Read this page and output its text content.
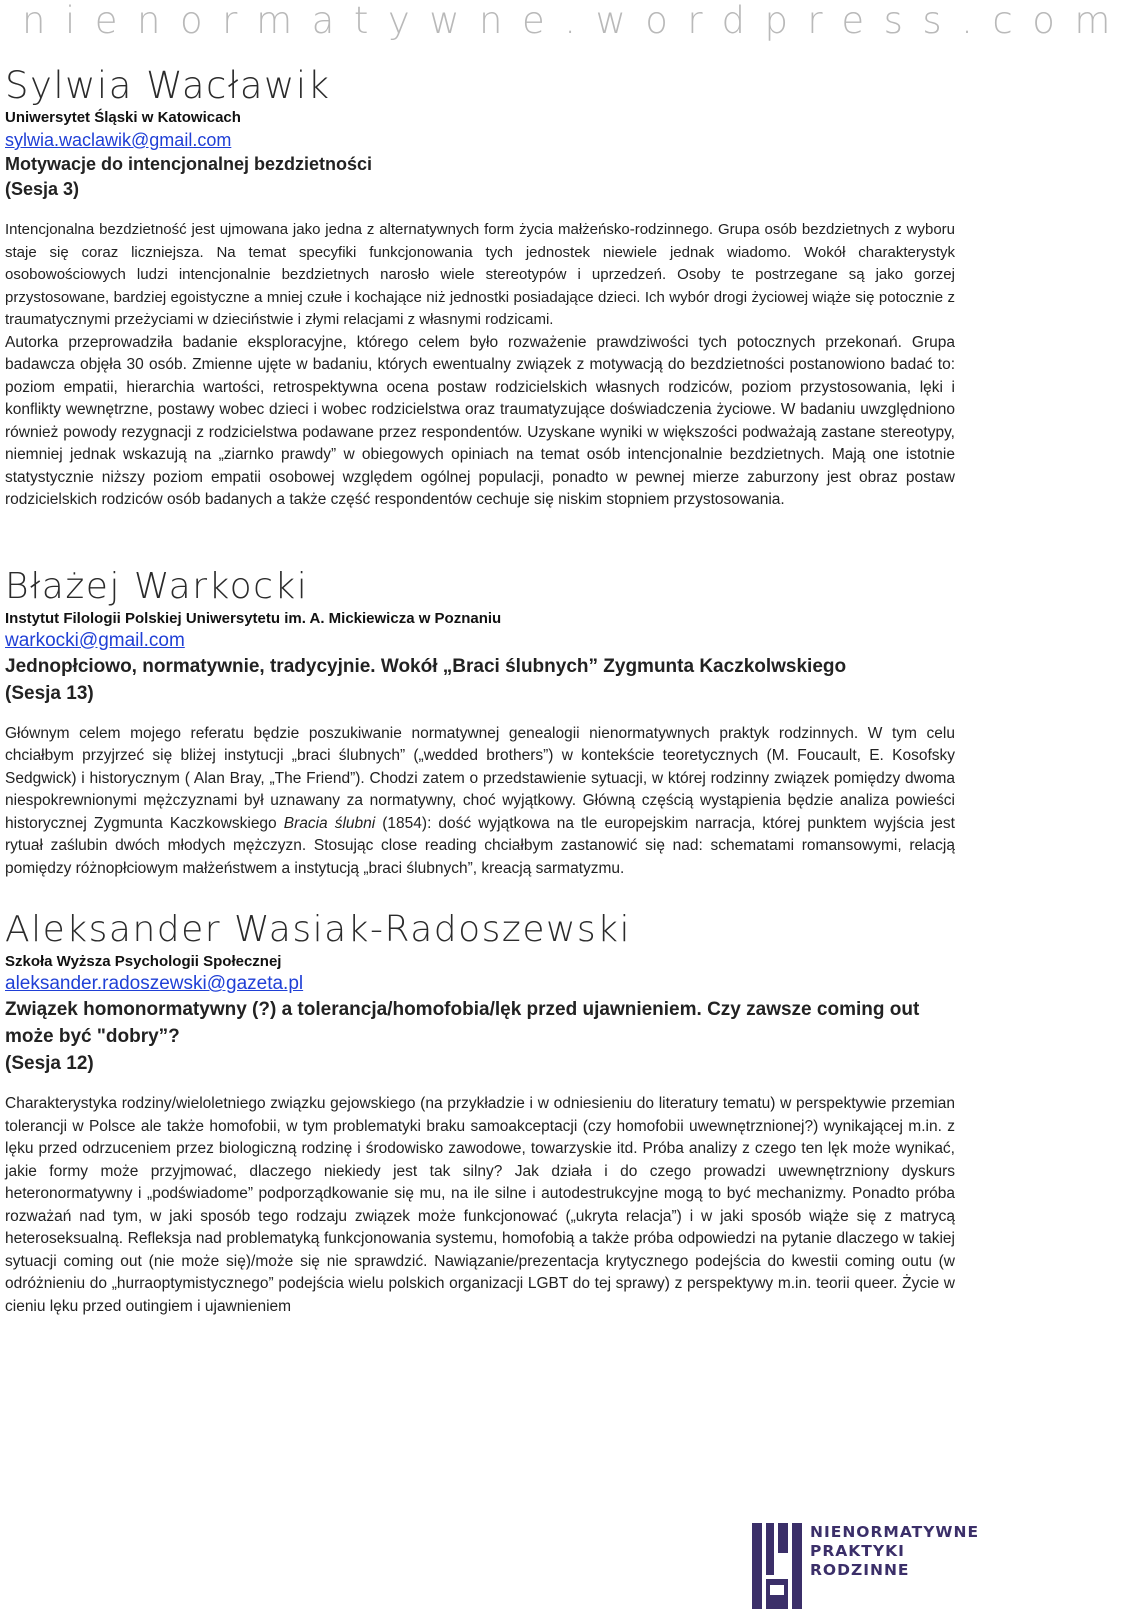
nienormatywne.wordpress.com
Sylwia Wacławik

Uniwersytet Śląski w Katowicach

sylwia.waclawik@gmail.com

Motywacje do intencjonalnej bezdzietności

(Sesja 3)

Intencjonalna bezdzietność jest ujmowana jako jedna z alternatywnych form życia małżeńsko-rodzinnego. Grupa osób bezdzietnych z wyboru staje się coraz liczniejsza. Na temat specyfiki funkcjonowania tych jednostek niewiele jednak wiadomo. Wokół charakterystyk osobowościowych ludzi intencjonalnie bezdzietnych narosło wiele stereotypów i uprzedzeń. Osoby te postrzegane są jako gorzej przystosowane, bardziej egoistyczne a mniej czułe i kochające niż jednostki posiadające dzieci. Ich wybór drogi życiowej wiąże się potocznie z traumatycznymi przeżyciami w dzieciństwie i złymi relacjami z własnymi rodzicami.

Autorka przeprowadziła badanie eksploracyjne, którego celem było rozważenie prawdziwości tych potocznych przekonań. Grupa badawcza objęła 30 osób. Zmienne ujęte w badaniu, których ewentualny związek z motywacją do bezdzietności postanowiono badać to: poziom empatii, hierarchia wartości, retrospektywna ocena postaw rodzicielskich własnych rodziców, poziom przystosowania, lęki i konflikty wewnętrzne, postawy wobec dzieci i wobec rodzicielstwa oraz traumatyzujące doświadczenia życiowe. W badaniu uwzględniono również powody rezygnacji z rodzicielstwa podawane przez respondentów. Uzyskane wyniki w większości podważają zastane stereotypy, niemniej jednak wskazują na „ziarnko prawdy” w obiegowych opiniach na temat osób intencjonalnie bezdzietnych. Mają one istotnie statystycznie niższy poziom empatii osobowej względem ogólnej populacji, ponadto w pewnej mierze zaburzony jest obraz postaw rodzicielskich rodziców osób badanych a także część respondentów cechuje się niskim stopniem przystosowania.

Błażej Warkocki

Instytut Filologii Polskiej Uniwersytetu im. A. Mickiewicza w Poznaniu

warkocki@gmail.com

Jednopłciowo, normatywnie, tradycyjnie. Wokół „Braci ślubnych” Zygmunta Kaczkolwskiego

(Sesja 13)

Głównym celem mojego referatu będzie poszukiwanie normatywnej genealogii nienormatywnych praktyk rodzinnych. W tym celu chciałbym przyjrzeć się bliżej instytucji „braci ślubnych” („wedded brothers”) w kontekście teoretycznych (M. Foucault, E. Kosofsky Sedgwick) i historycznym ( Alan Bray, „The Friend”). Chodzi zatem o przedstawienie sytuacji, w której rodzinny związek pomiędzy dwoma niespokrewnionymi mężczyznami był uznawany za normatywny, choć wyjątkowy. Główną częścią wystąpienia będzie analiza powieści historycznej Zygmunta Kaczkowskiego Bracia ślubni (1854): dość wyjątkowa na tle europejskim narracja, której punktem wyjścia jest rytuał zaślubin dwóch młodych mężczyzn. Stosując close reading chciałbym zastanowić się nad: schematami romansowymi, relacją pomiędzy różnopłciowym małżeństwem a instytucją „braci ślubnych”, kreacją sarmatyzmu.

Aleksander Wasiak-Radoszewski

Szkoła Wyższa Psychologii Społecznej

aleksander.radoszewski@gazeta.pl

Związek homonormatywny (?) a tolerancja/homofobia/lęk przed ujawnieniem. Czy zawsze coming out może być "dobry”?

(Sesja 12)

Charakterystyka rodziny/wieloletniego związku gejowskiego (na przykładzie i w odniesieniu do literatury tematu) w perspektywie przemian tolerancji w Polsce ale także homofobii, w tym problematyki braku samoakceptacji (czy homofobii uwewnętrznionej?) wynikającej m.in. z lęku przed odrzuceniem przez biologiczną rodzinę i środowisko zawodowe, towarzyskie itd. Próba analizy z czego ten lęk może wynikać, jakie formy może przyjmować, dlaczego niekiedy jest tak silny? Jak działa i do czego prowadzi uwewnętrzniony dyskurs heteronormatywny i „podświadome” podporządkowanie się mu, na ile silne i autodestrukcyjne mogą to być mechanizmy. Ponadto próba rozważań nad tym, w jaki sposób tego rodzaju związek może funkcjonować („ukryta relacja”) i w jaki sposób wiąże się z matrycą heteroseksualną. Refleksja nad problematyką funkcjonowania systemu, homofobią a także próba odpowiedzi na pytanie dlaczego w takiej sytuacji coming out (nie może się)/może się nie sprawdzić. Nawiązanie/prezentacja krytycznego podejścia do kwestii coming outu (w odróżnieniu do „hurraoptymistycznego” podejścia wielu polskich organizacji LGBT do tej sprawy) z perspektywy m.in. teorii queer. Życie w cieniu lęku przed outingiem i ujawnieniem

NIENORMATYWNE
PRAKTYKI
RODZINNE
